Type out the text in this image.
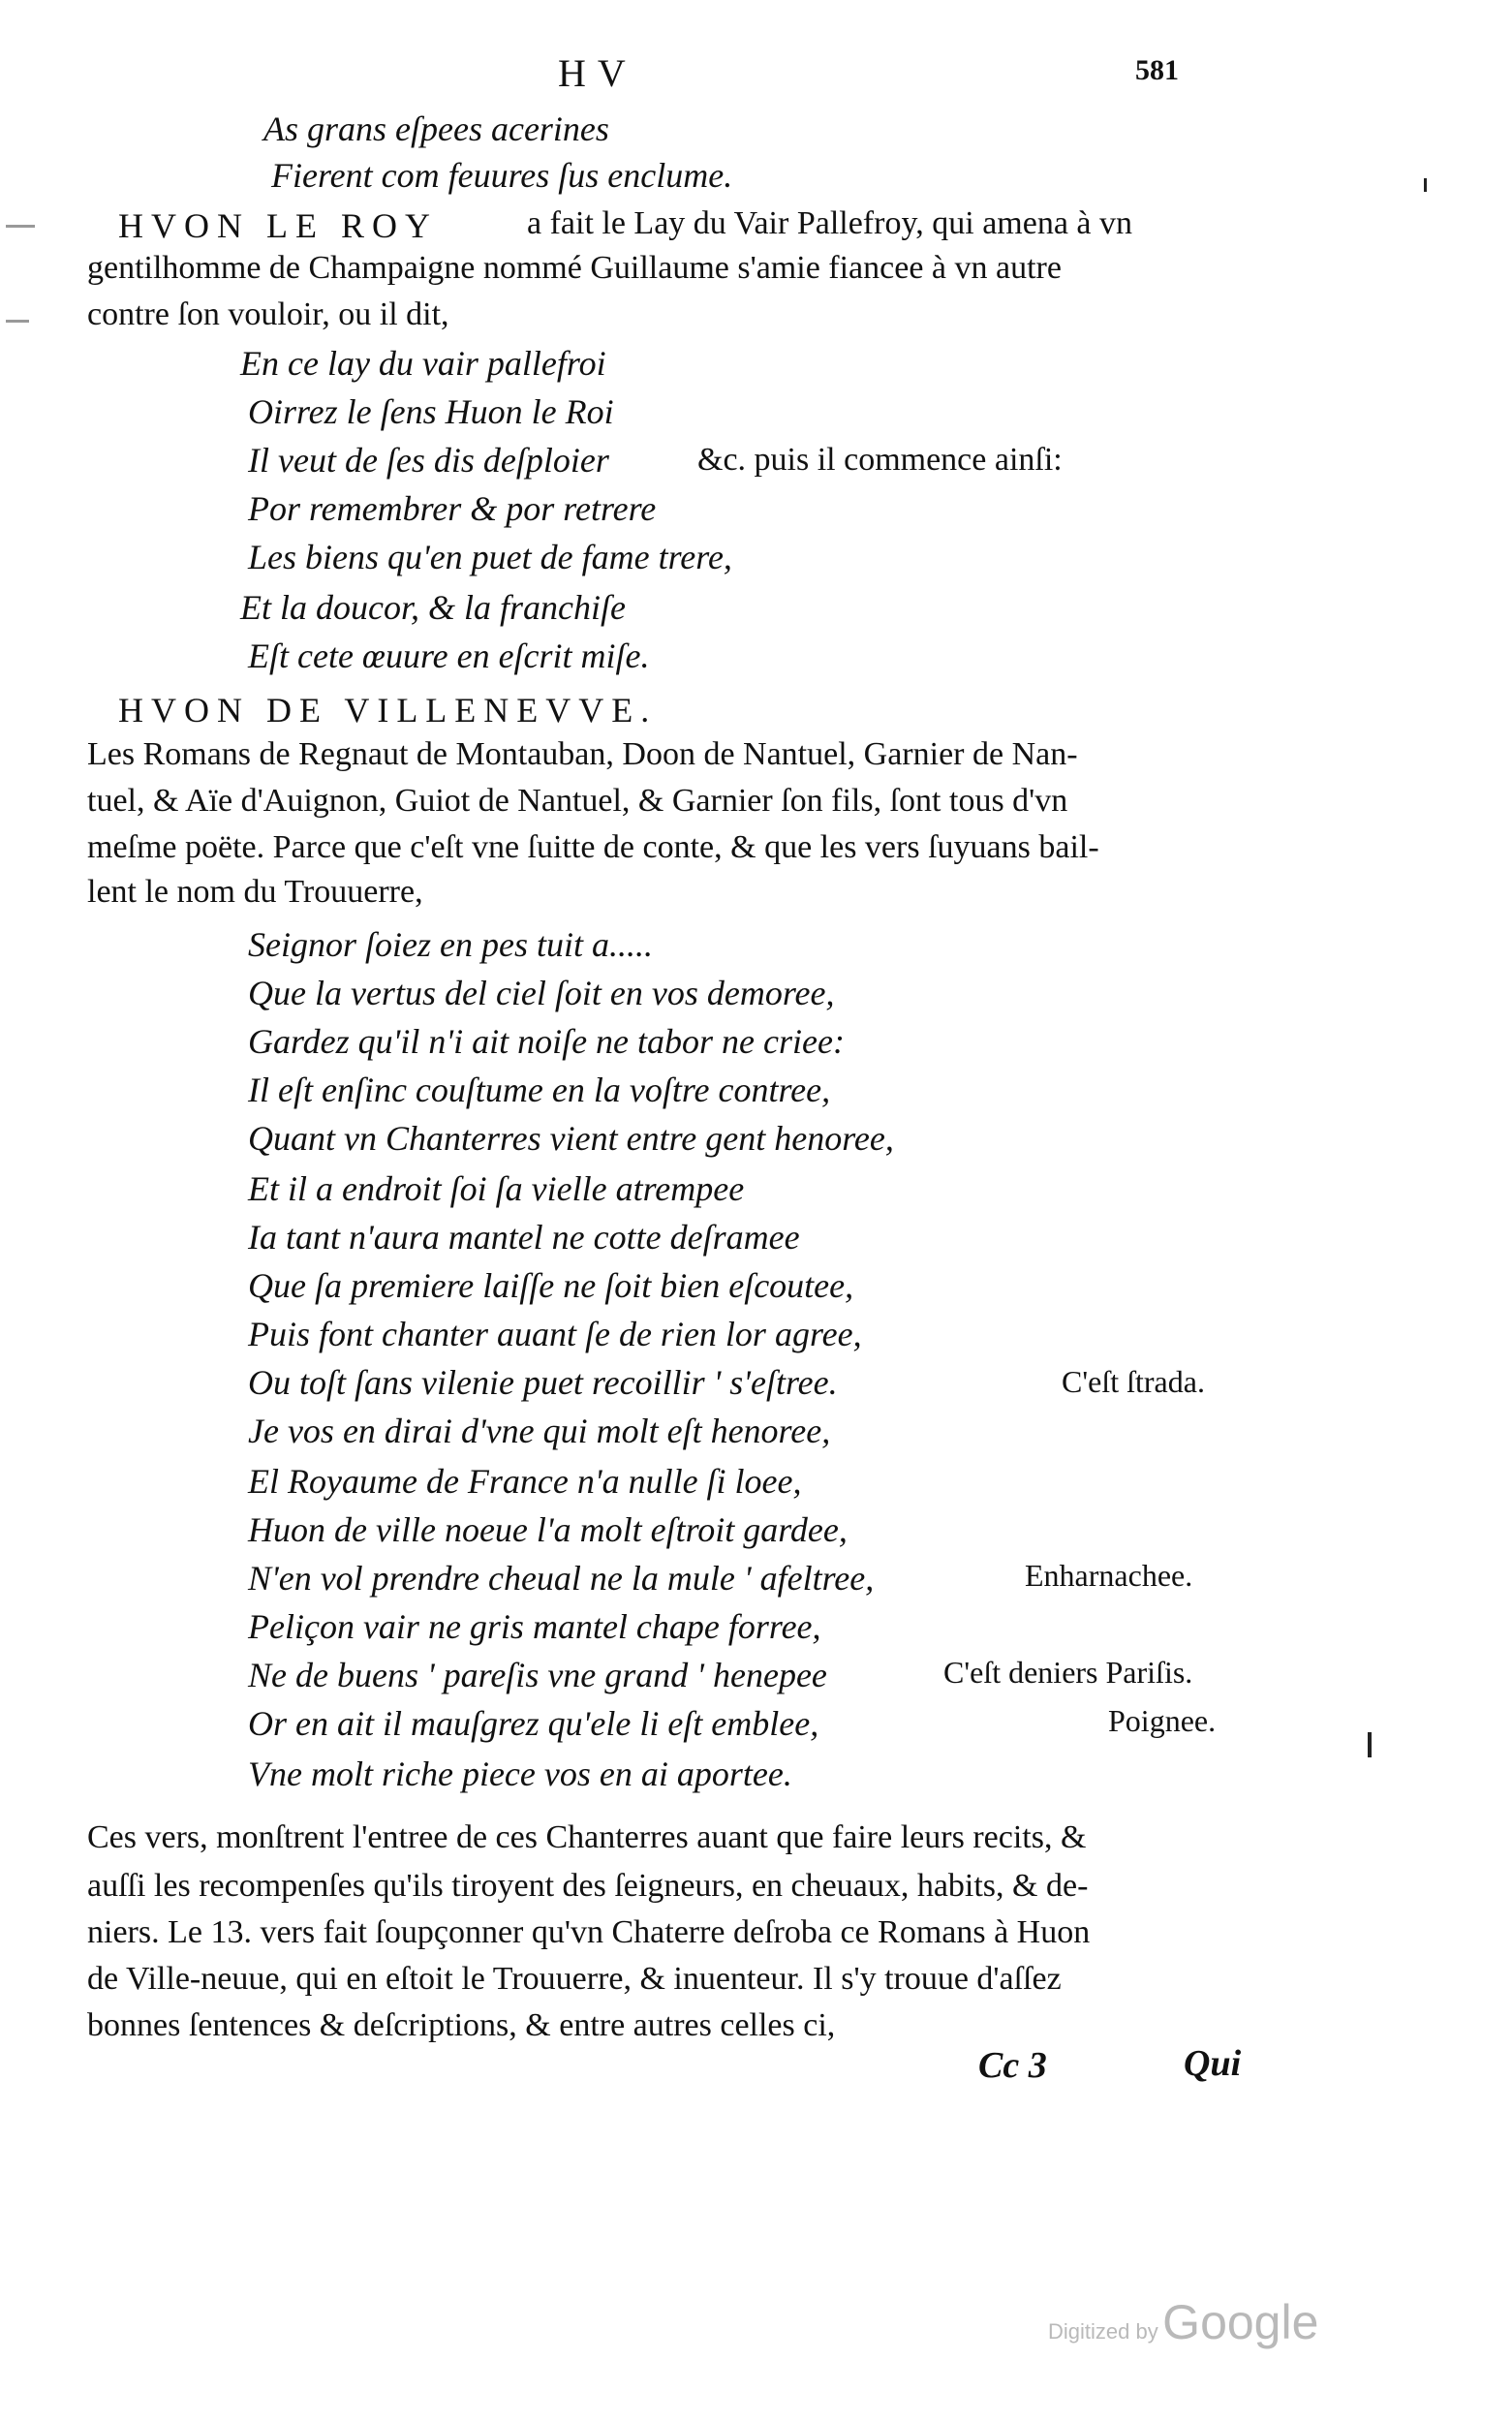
HV	581
As grans eſpees acerines
Fierent com feuures ſus enclume.
HVON LE ROY	a fait le Lay du Vair Pallefroy, qui amena à vn
gentilhomme de Champaigne nommé Guillaume s'amie fiancee à vn autre
contre ſon vouloir, ou il dit,
En ce lay du vair pallefroi
Oirrez le ſens Huon le Roi
Il veut de ſes dis deſploier	&c. puis il commence ainſi:
Por remembrer & por retrere
Les biens qu'en puet de fame trere,
Et la doucor, & la franchiſe
Eſt cete œuure en eſcrit miſe.
HVON DE VILLENEVVE.
Les Romans de Regnaut de Montauban, Doon de Nantuel, Garnier de Nan-
tuel, & Aïe d'Auignon, Guiot de Nantuel, & Garnier ſon fils, ſont tous d'vn
meſme poëte. Parce que c'eſt vne ſuitte de conte, & que les vers ſuyuans bail-
lent le nom du Trouuerre,
Seignor ſoiez en pes tuit a.....
Que la vertus del ciel ſoit en vos demoree,
Gardez qu'il n'i ait noiſe ne tabor ne criee:
Il eſt enſinc couſtume en la voſtre contree,
Quant vn Chanterres vient entre gent henoree,
Et il a endroit ſoi ſa vielle atrempee
Ia tant n'aura mantel ne cotte deſramee
Que ſa premiere laiſſe ne ſoit bien eſcoutee,
Puis font chanter auant ſe de rien lor agree,
Ou toſt ſans vilenie puet recoillir ' s'eſtree.	C'eſt ſtrada.
Je vos en dirai d'vne qui molt eſt henoree,
El Royaume de France n'a nulle ſi loee,
Huon de ville noeue l'a molt eſtroit gardee,
N'en vol prendre cheual ne la mule ' afeltree,	Enharnachee.
Peliçon vair ne gris mantel chape forree,
Ne de buens ' pareſis vne grand ' henepee	C'eſt deniers Pariſis.
Or en ait il mauſgrez qu'ele li eſt emblee,	Poignee.
Vne molt riche piece vos en ai aportee.
Ces vers, monſtrent l'entree de ces Chanterres auant que faire leurs recits, &
auſſi les recompenſes qu'ils tiroyent des ſeigneurs, en cheuaux, habits, & de-
niers. Le 13. vers fait ſoupçonner qu'vn Chaterre deſroba ce Romans à Huon
de Ville-neuue, qui en eſtoit le Trouuerre, & inuenteur. Il s'y trouue d'aſſez
bonnes ſentences & deſcriptions, & entre autres celles ci,
Cc 3	Qui
Digitized by Google
